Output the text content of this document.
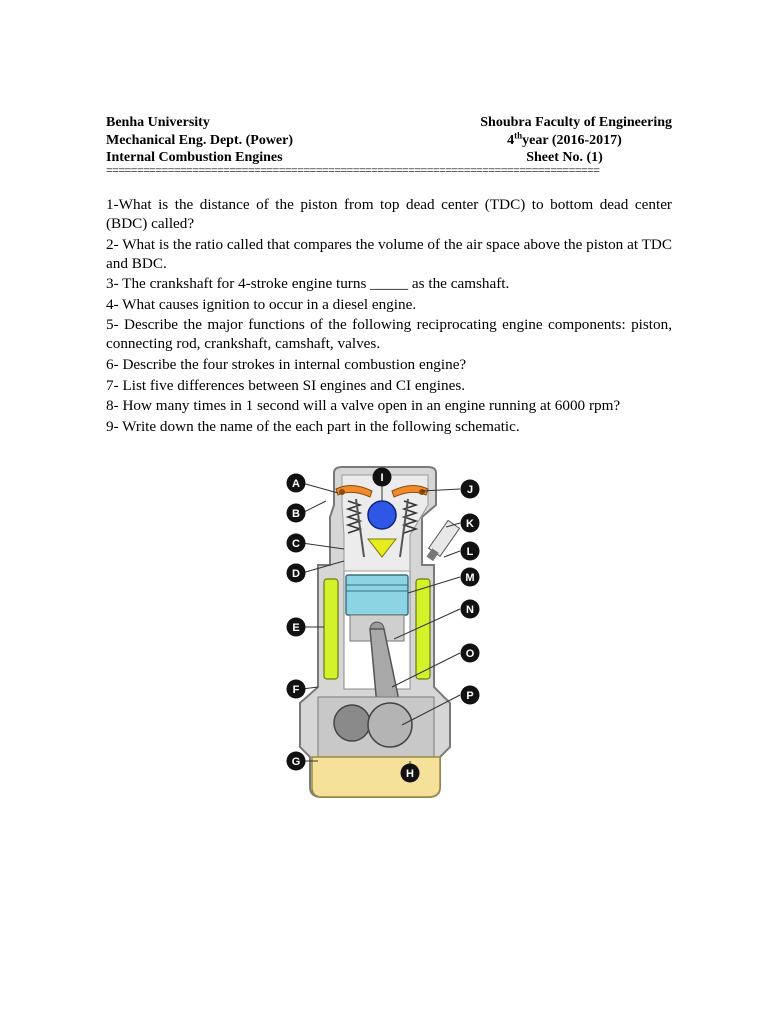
Benha University	Shoubra Faculty of Engineering
Mechanical Eng. Dept. (Power)	4thyear (2016-2017)
Internal Combustion Engines	Sheet No. (1)
================================================================================

1-What is the distance of the piston from top dead center (TDC) to bottom dead center (BDC) called?

2- What is the ratio called that compares the volume of the air space above the piston at TDC and BDC.

3- The crankshaft for 4-stroke engine turns _____ as the camshaft.

4- What causes ignition to occur in a diesel engine.

5- Describe the major functions of the following reciprocating engine components: piston, connecting rod, crankshaft, camshaft, valves.

6- Describe the four strokes in internal combustion engine?

7- List five differences between SI engines and CI engines.

8- How many times in 1 second will a valve open in an engine running at 6000 rpm?

9- Write down the name of the each part in the following schematic.

A
B
C
D
E
F
G
H
I
J
K
L
M
N
O
P
